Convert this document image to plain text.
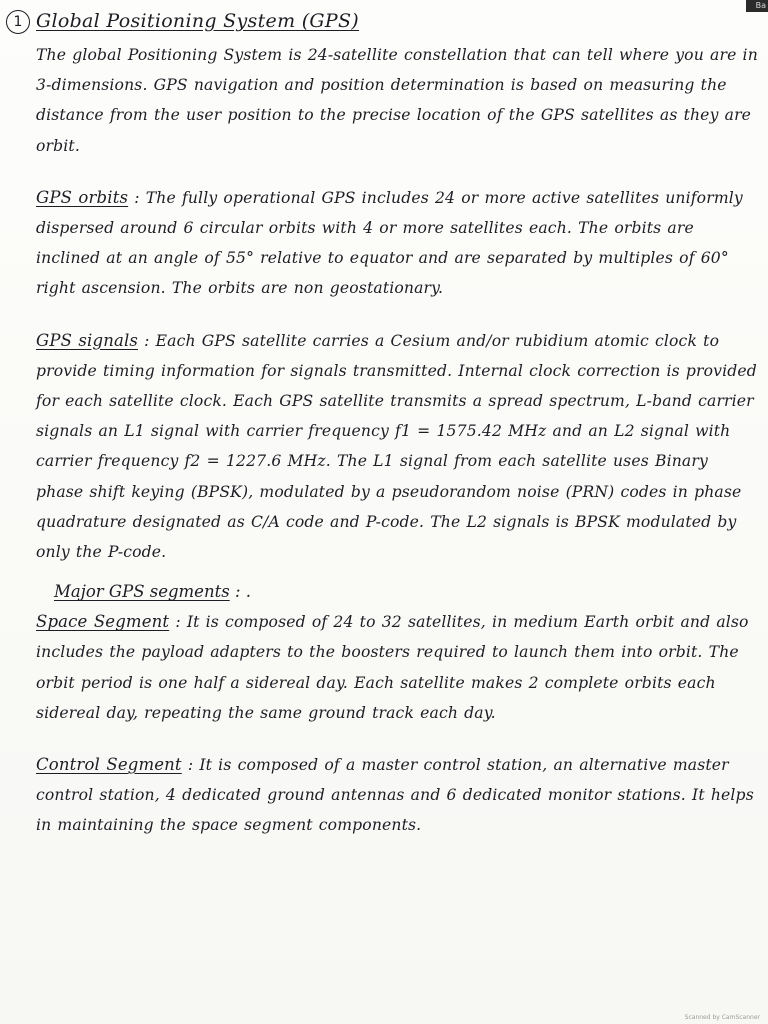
Ba
1 Global Positioning System (GPS)

The global Positioning System is 24-satellite constellation that can tell where you are in 3-dimensions. GPS navigation and position determination is based on measuring the distance from the user position to the precise location of the GPS satellites as they are orbit.

GPS orbits : The fully operational GPS includes 24 or more active satellites uniformly dispersed around 6 circular orbits with 4 or more satellites each. The orbits are inclined at an angle of 55° relative to equator and are separated by multiples of 60° right ascension. The orbits are non geostationary.

GPS signals : Each GPS satellite carries a Cesium and/or rubidium atomic clock to provide timing information for signals transmitted. Internal clock correction is provided for each satellite clock. Each GPS satellite transmits a spread spectrum, L-band carrier signals an L1 signal with carrier frequency f1 = 1575.42 MHz and an L2 signal with carrier frequency f2 = 1227.6 MHz. The L1 signal from each satellite uses Binary phase shift keying (BPSK), modulated by a pseudorandom noise (PRN) codes in phase quadrature designated as C/A code and P-code. The L2 signals is BPSK modulated by only the P-code.

Major GPS segments : .

Space Segment : It is composed of 24 to 32 satellites, in medium Earth orbit and also includes the payload adapters to the boosters required to launch them into orbit. The orbit period is one half a sidereal day. Each satellite makes 2 complete orbits each sidereal day, repeating the same ground track each day.

Control Segment : It is composed of a master control station, an alternative master control station, 4 dedicated ground antennas and 6 dedicated monitor stations. It helps in maintaining the space segment components.

Scanned by CamScanner
